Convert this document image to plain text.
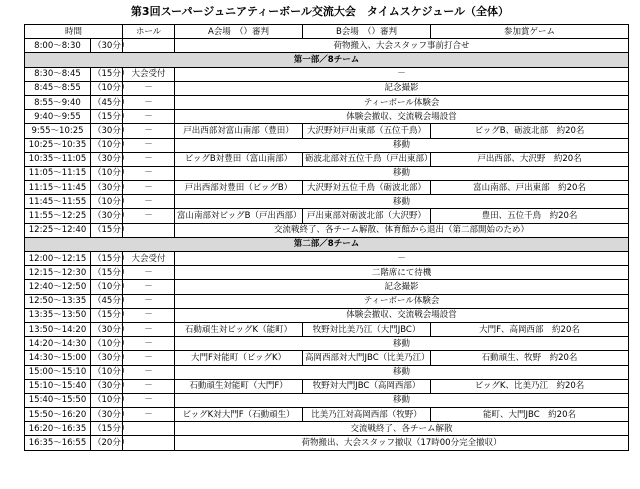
第3回スーパージュニアティーボール交流大会　タイムスケジュール（全体）
時間		ホール	A会場　（）審判	B会場　（）審判	参加賞ゲーム
8:00～8:30	（30分）		荷物搬入、大会スタッフ事前打合せ		
第一部／8チーム					
8:30～8:45	（15分）	大会受付	－		
8:45～8:55	（10分）	－	記念撮影		
8:55～9:40	（45分）	－	ティーボール体験会		
9:40～9:55	（15分）	－	体験会撤収、交流戦会場設営		
9:55～10:25	（30分）	－	戸出西部対富山南部（豊田）	大沢野対戸出東部（五位千鳥）	ビッグB、砺波北部　約20名
10:25～10:35	（10分）	－	移動		
10:35～11:05	（30分）	－	ビッグB対豊田（富山南部）	砺波北部対五位千鳥（戸出東部）	戸出西部、大沢野　約20名
11:05～11:15	（10分）	－	移動		
11:15～11:45	（30分）	－	戸出西部対豊田（ビッグB）	大沢野対五位千鳥（砺波北部）	富山南部、戸出東部　約20名
11:45～11:55	（10分）	－	移動		
11:55～12:25	（30分）	－	富山南部対ビッグB（戸出西部）	戸出東部対砺波北部（大沢野）	豊田、五位千鳥　約20名
12:25～12:40	（15分）		交流戦終了、各チーム解散、体育館から退出（第二部開始のため）		
第二部／8チーム					
12:00～12:15	（15分）	大会受付	－		
12:15～12:30	（15分）	－	二階席にて待機		
12:40～12:50	（10分）	－	記念撮影		
12:50～13:35	（45分）	－	ティーボール体験会		
13:35～13:50	（15分）	－	体験会撤収、交流戦会場設営		
13:50～14:20	（30分）	－	石動頑生対ビッグK（能町）	牧野対比美乃江（大門JBC）	大門F、高岡西部　約20名
14:20～14:30	（10分）	－	移動		
14:30～15:00	（30分）	－	大門F対能町（ビッグK）	高岡西部対大門JBC（比美乃江）	石動頑生、牧野　約20名
15:00～15:10	（10分）	－	移動		
15:10～15:40	（30分）	－	石動頑生対能町（大門F）	牧野対大門JBC（高岡西部）	ビッグK、比美乃江　約20名
15:40～15:50	（10分）	－	移動		
15:50～16:20	（30分）	－	ビッグK対大門F（石動頑生）	比美乃江対高岡西部（牧野）	能町、大門JBC　約20名
16:20～16:35	（15分）		交流戦終了、各チーム解散		
16:35～16:55	（20分）		荷物搬出、大会スタッフ撤収（17時00分完全撤収）		
